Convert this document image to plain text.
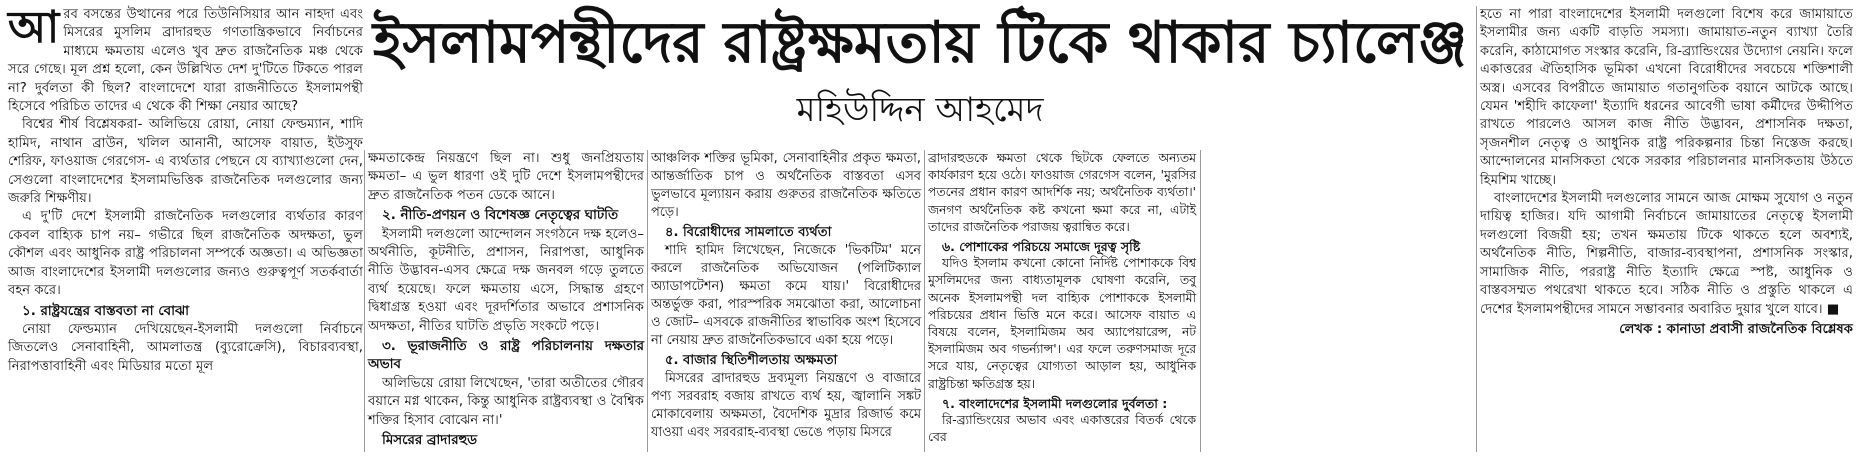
ইসলামপন্থীদের রাষ্ট্রক্ষমতায় টিকে থাকার চ্যালেঞ্জ
মহিউদ্দিন আহমেদ

আরব বসন্তের উত্থানের পরে তিউনিসিয়ার আন নাহদা এবং মিসরের মুসলিম ব্রাদারহুড গণতান্ত্রিকভাবে নির্বাচনের মাধ্যমে ক্ষমতায় এলেও খুব দ্রুত রাজনৈতিক মঞ্চ থেকে সরে গেছে। মূল প্রশ্ন হলো, কেন উল্লিখিত দেশ দু'টিতে টিকতে পারল না? দুর্বলতা কী ছিল? বাংলাদেশে যারা রাজনীতিতে ইসলামপন্থী হিসেবে পরিচিত তাদের এ থেকে কী শিক্ষা নেয়ার আছে?

বিশ্বের শীর্ষ বিশ্লেষকরা- অলিভিয়ে রোয়া, নোয়া ফেল্ডম্যান, শাদি হামিদ, নাথান ব্রাউন, খলিল আনানী, আসেফ বায়াত, ইউসুফ শেরিফ, ফাওয়াজ গেরগেস- এ ব্যর্থতার পেছনে যে ব্যাখ্যাগুলো দেন, সেগুলো বাংলাদেশের ইসলামভিত্তিক রাজনৈতিক দলগুলোর জন্য জরুরি শিক্ষণীয়।

এ দু'টি দেশে ইসলামী রাজনৈতিক দলগুলোর ব্যর্থতার কারণ কেবল বাহ্যিক চাপ নয়– গভীরে ছিল রাজনৈতিক অদক্ষতা, ভুল কৌশল এবং আধুনিক রাষ্ট্র পরিচালনা সম্পর্কে অজ্ঞতা। এ অভিজ্ঞতা আজ বাংলাদেশের ইসলামী দলগুলোর জন্যও গুরুত্বপূর্ণ সতর্কবার্তা বহন করে।

১. রাষ্ট্রযন্ত্রের বাস্তবতা না বোঝা

নোয়া ফেল্ডম্যান দেখিয়েছেন-ইসলামী দলগুলো নির্বাচনে জিতলেও সেনাবাহিনী, আমলাতন্ত্র (ব্যুরোক্রেসি), বিচারব্যবস্থা, নিরাপত্তাবাহিনী এবং মিডিয়ার মতো মূল

ক্ষমতাকেন্দ্র নিয়ন্ত্রণে ছিল না। শুধু জনপ্রিয়তায় ক্ষমতা– এ ভুল ধারণা ওই দুটি দেশে ইসলামপন্থীদের দ্রুত রাজনৈতিক পতন ডেকে আনে।

২. নীতি-প্রণয়ন ও বিশেষজ্ঞ নেতৃত্বের ঘাটতি

ইসলামী দলগুলো আন্দোলন সংগঠনে দক্ষ হলেও– অর্থনীতি, কূটনীতি, প্রশাসন, নিরাপত্তা, আধুনিক নীতি উদ্ভাবন-এসব ক্ষেত্রে দক্ষ জনবল গড়ে তুলতে ব্যর্থ হয়েছে। ফলে ক্ষমতায় এসে, সিদ্ধান্ত গ্রহণে দ্বিধাগ্রস্ত হওয়া এবং দূরদর্শিতার অভাবে প্রশাসনিক অদক্ষতা, নীতির ঘাটতি প্রভৃতি সংকটে পড়ে।

৩. ভূরাজনীতি ও রাষ্ট্র পরিচালনায় দক্ষতার অভাব

অলিভিয়ে রোয়া লিখেছেন, 'তারা অতীতের গৌরব বয়ানে মগ্ন থাকেন, কিন্তু আধুনিক রাষ্ট্রব্যবস্থা ও বৈশ্বিক শক্তির হিসাব বোঝেন না।'

মিসরের ব্রাদারহুড

আঞ্চলিক শক্তির ভূমিকা, সেনাবাহিনীর প্রকৃত ক্ষমতা, আন্তর্জাতিক চাপ ও অর্থনৈতিক বাস্তবতা এসব ভুলভাবে মূল্যায়ন করায় গুরুতর রাজনৈতিক ক্ষতিতে পড়ে।

৪. বিরোধীদের সামলাতে ব্যর্থতা

শাদি হামিদ লিখেছেন, নিজেকে 'ভিকটিম' মনে করলে রাজনৈতিক অভিযোজন (পলিটিক্যাল অ্যাডাপটেশন) ক্ষমতা কমে যায়।' বিরোধীদের অন্তর্ভুক্ত করা, পারস্পরিক সমঝোতা করা, আলোচনা ও জোট– এসবকে রাজনীতির স্বাভাবিক অংশ হিসেবে না নেয়ায় দ্রুত রাজনৈতিকভাবে একা হয়ে পড়ে।

৫. বাজার স্থিতিশীলতায় অক্ষমতা

মিসরের ব্রাদারহুড দ্রব্যমূল্য নিয়ন্ত্রণে ও বাজারে পণ্য সরবরাহ বজায় রাখতে ব্যর্থ হয়, জ্বালানি সঙ্কট মোকাবেলায় অক্ষমতা, বৈদেশিক মুদ্রার রিজার্ভ কমে যাওয়া এবং সরবরাহ-ব্যবস্থা ভেঙে পড়ায় মিসরে

ব্রাদারহুডকে ক্ষমতা থেকে ছিটকে ফেলতে অন্যতম কার্যকারণ হয়ে ওঠে। ফাওয়াজ গেরগেস বলেন, 'মুরসির পতনের প্রধান কারণ আদর্শিক নয়; অর্থনৈতিক ব্যর্থতা।' জনগণ অর্থনৈতিক কষ্ট কখনো ক্ষমা করে না, এটাই তাদের রাজনৈতিক পরাজয় ত্বরান্বিত করে।

৬. পোশাকের পরিচয়ে সমাজে দূরত্ব সৃষ্টি

যদিও ইসলাম কখনো কোনো নির্দিষ্ট পোশাককে বিশ্ব মুসলিমদের জন্য বাধ্যতামূলক ঘোষণা করেনি, তবু অনেক ইসলামপন্থী দল বাহ্যিক পোশাককে ইসলামী পরিচয়ের প্রধান ভিত্তি মনে করে। আসেফ বায়াত এ বিষয়ে বলেন, ইসলামিজম অব অ্যাপেয়ারেন্স, নট ইসলামিজম অব গভর্ন্যান্স'। এর ফলে তরুণসমাজ দূরে সরে যায়, নেতৃত্বের যোগ্যতা আড়াল হয়, আধুনিক রাষ্ট্রচিন্তা ক্ষতিগ্রস্ত হয়।

৭. বাংলাদেশের ইসলামী দলগুলোর দুর্বলতা :

রি-ব্র্যান্ডিংয়ের অভাব এবং একাত্তরের বিতর্ক থেকে বের

হতে না পারা বাংলাদেশের ইসলামী দলগুলো বিশেষ করে জামায়াতে ইসলামীর জন্য একটি বাড়তি সমস্যা। জামায়াত-নতুন ব্যাখ্যা তৈরি করেনি, কাঠামোগত সংস্কার করেনি, রি-ব্র্যান্ডিংয়ের উদ্যোগ নেয়নি। ফলে একাত্তরের ঐতিহাসিক ভূমিকা এখনো বিরোধীদের সবচেয়ে শক্তিশালী অস্ত্র। এসবের বিপরীতে জামায়াত গতানুগতিক বয়ানে আটকে আছে। যেমন 'শহীদি কাফেলা' ইত্যাদি ধরনের আবেগী ভাষা কর্মীদের উদ্দীপিত রাখতে পারলেও আসল কাজ নীতি উদ্ভাবন, প্রশাসনিক দক্ষতা, সৃজনশীল নেতৃত্ব ও আধুনিক রাষ্ট্র পরিকল্পনার চিন্তা নিস্তেজ করছে। আন্দোলনের মানসিকতা থেকে সরকার পরিচালনার মানসিকতায় উঠতে হিমশিম খাচ্ছে।

বাংলাদেশের ইসলামী দলগুলোর সামনে আজ মোক্ষম সুযোগ ও নতুন দায়িত্ব হাজির। যদি আগামী নির্বাচনে জামায়াতের নেতৃত্বে ইসলামী দলগুলো বিজয়ী হয়; তখন ক্ষমতায় টিকে থাকতে হলে অবশ্যই, অর্থনৈতিক নীতি, শিল্পনীতি, বাজার-ব্যবস্থাপনা, প্রশাসনিক সংস্কার, সামাজিক নীতি, পররাষ্ট্র নীতি ইত্যাদি ক্ষেত্রে স্পষ্ট, আধুনিক ও বাস্তবসম্মত পথরেখা থাকতে হবে। সঠিক নীতি ও প্রস্তুতি থাকলে এ দেশের ইসলামপন্থীদের সামনে সম্ভাবনার অবারিত দুয়ার খুলে যাবে। ■

লেখক : কানাডা প্রবাসী রাজনৈতিক বিশ্লেষক
